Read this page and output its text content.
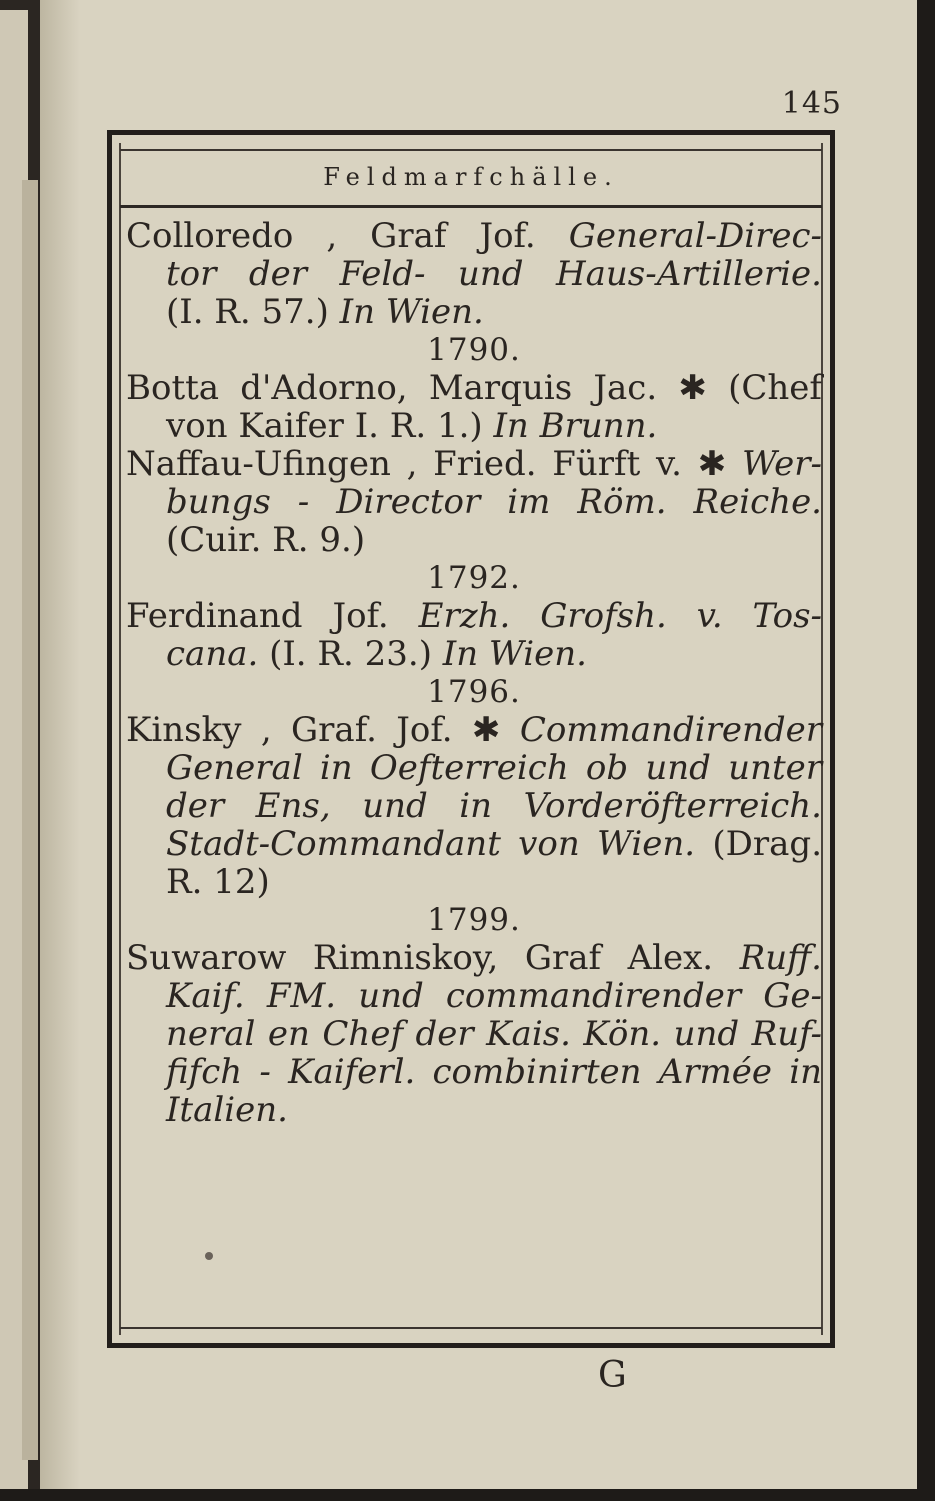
145
Feldmarfchälle.
Colloredo , Graf Jof. General-Direc-
tor der Feld- und Haus-Artillerie.
(I. R. 57.) In Wien.
1790.
Botta d'Adorno, Marquis Jac. ✱ (Chef
von Kaifer I. R. 1.) In Brunn.
Naffau-Ufingen , Fried. Fürft v. ✱ Wer-
bungs - Director im Röm. Reiche.
(Cuir. R. 9.)
1792.
Ferdinand Jof. Erzh. Grofsh. v. Tos-
cana. (I. R. 23.) In Wien.
1796.
Kinsky , Graf. Jof. ✱ Commandirender
General in Oefterreich ob und unter
der Ens, und in Vorderöfterreich.
Stadt-Commandant von Wien. (Drag.
R. 12)
1799.
Suwarow Rimniskoy, Graf Alex. Ruff.
Kaif. FM. und commandirender Ge-
neral en Chef der Kais. Kön. und Ruf-
fifch - Kaiferl. combinirten Armée in
Italien.
G
